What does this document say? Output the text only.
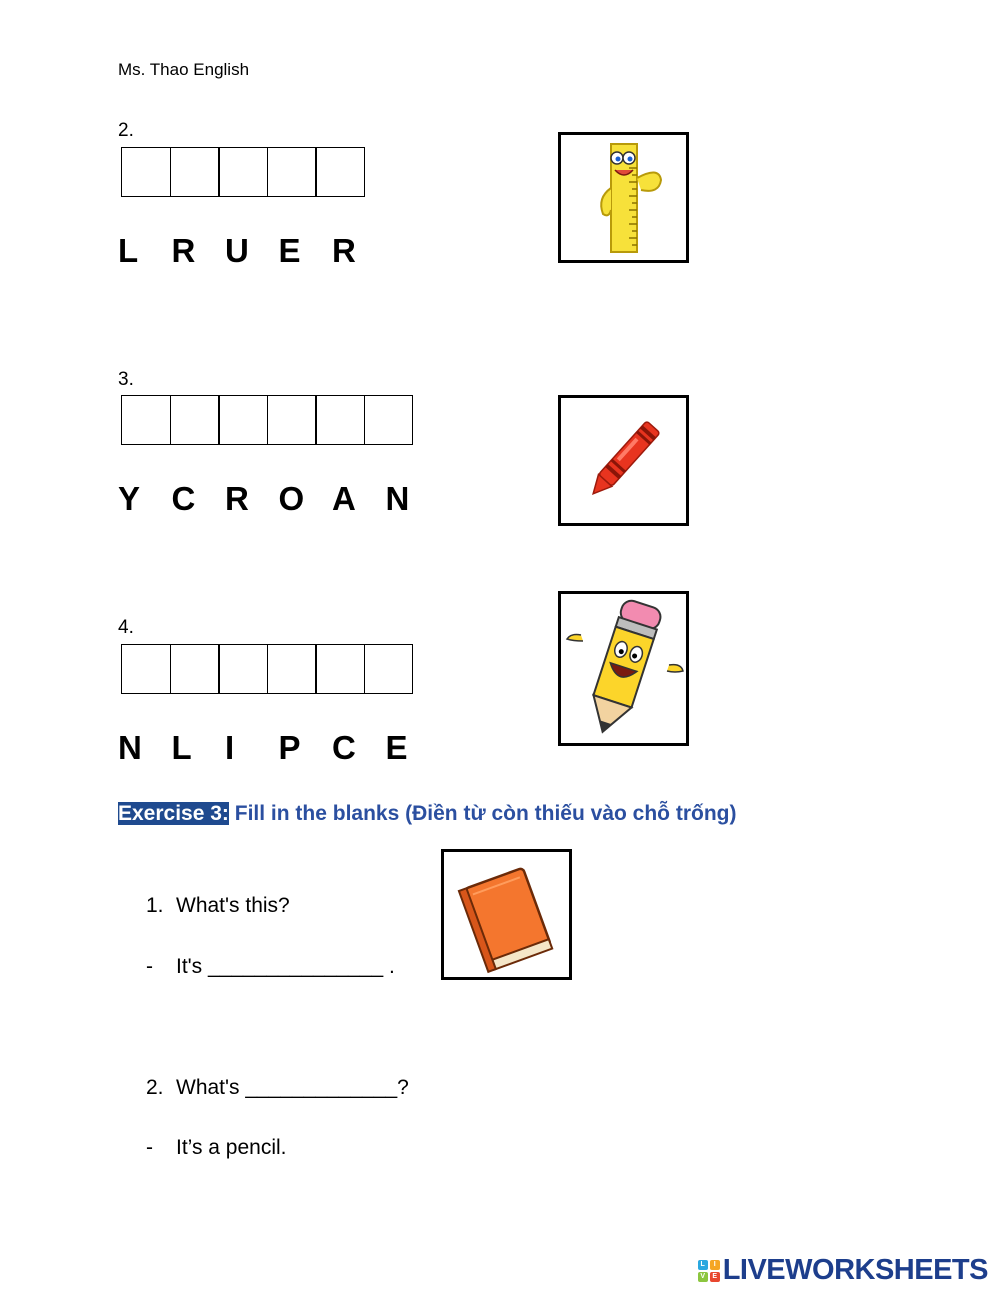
Ms. Thao English
2.
L	R U E R
3.
Y C R O A N
4.
N L	I	P C E
Exercise 3: Fill in the blanks (Điền từ còn thiếu vào chỗ trống)
1. What's this?
- It's _______________ .
2. What's _____________?
- It’s a pencil.
L	I
V	E LIVEWORKSHEETS
